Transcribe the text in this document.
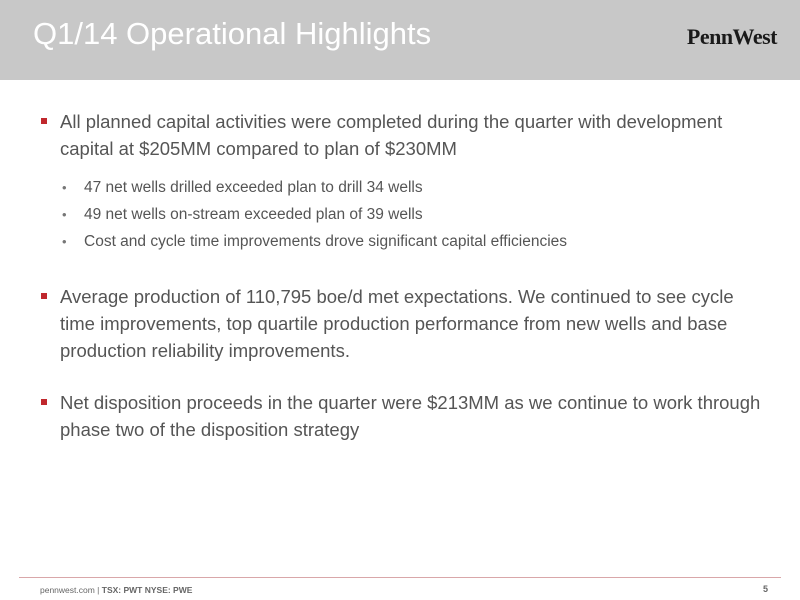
Q1/14 Operational Highlights	PennWest
All planned capital activities were completed during the quarter with development capital at $205MM compared to plan of $230MM
• 47 net wells drilled exceeded plan to drill 34 wells
• 49 net wells on-stream exceeded plan of 39 wells
• Cost and cycle time improvements drove significant capital efficiencies
Average production of 110,795 boe/d met expectations. We continued to see cycle time improvements, top quartile production performance from new wells and base production reliability improvements.
Net disposition proceeds in the quarter were $213MM as we continue to work through phase two of the disposition strategy
pennwest.com | TSX: PWT NYSE: PWE	5
